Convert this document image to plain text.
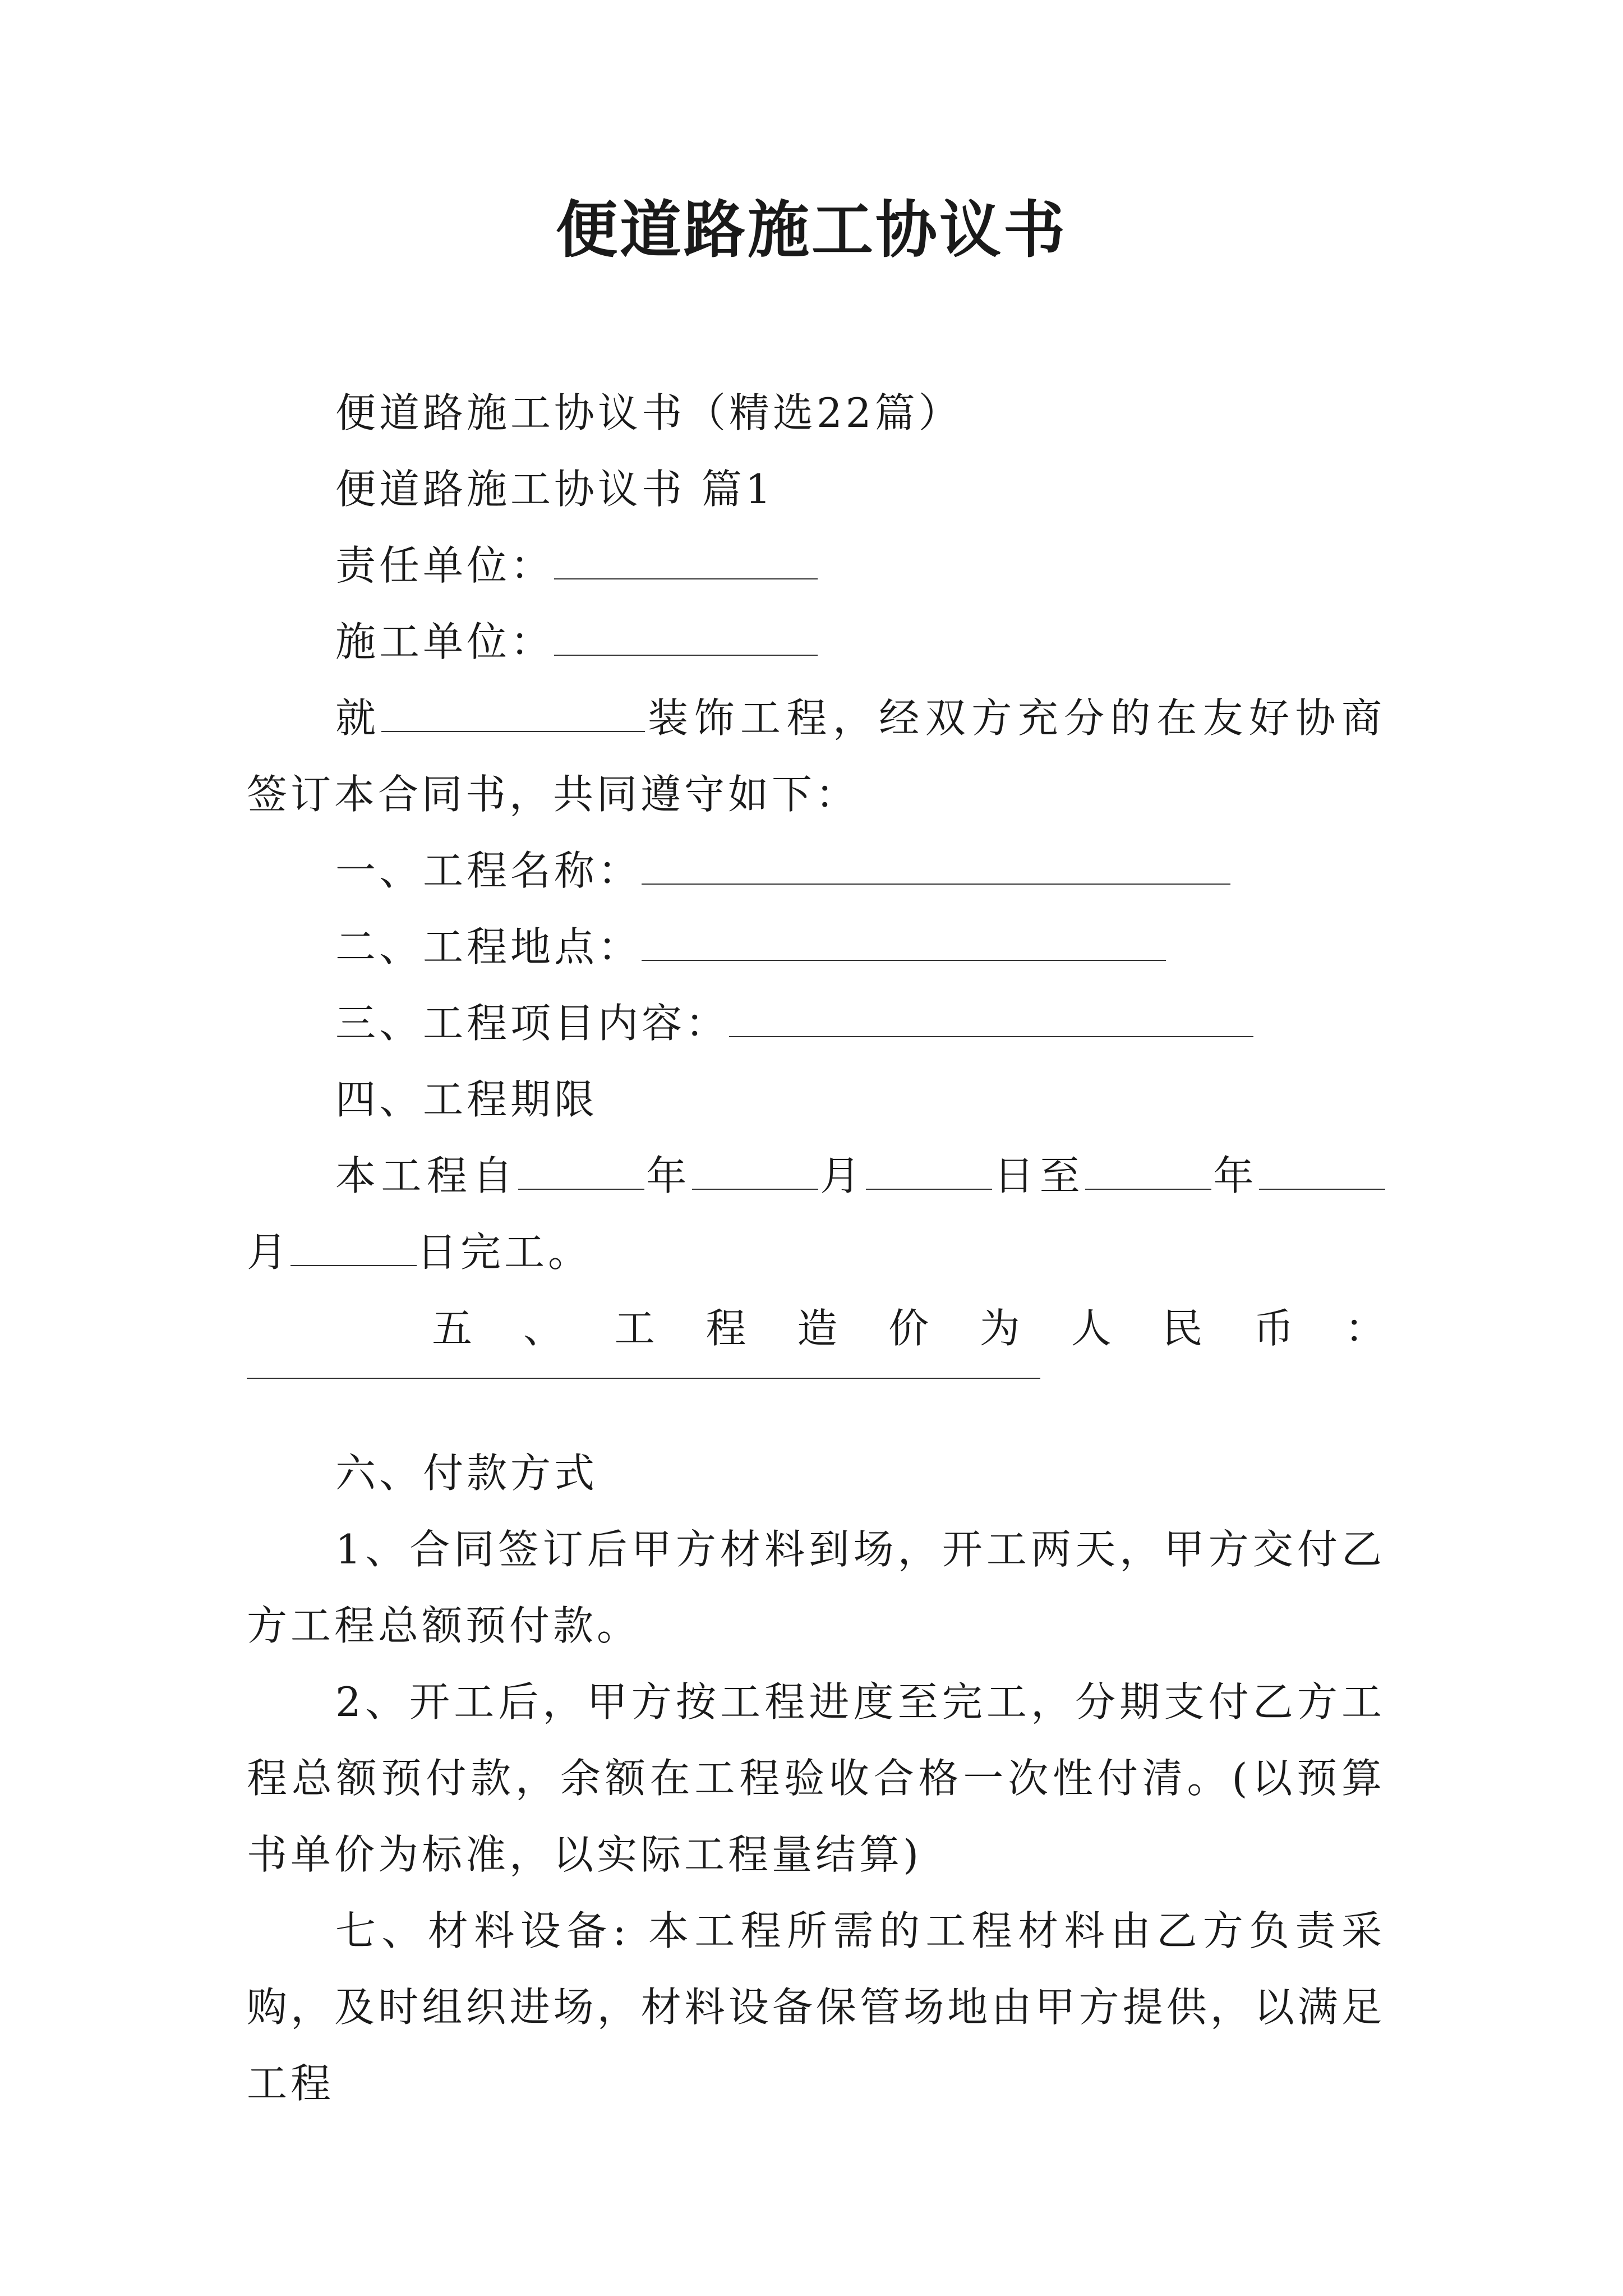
便道路施工协议书

便道路施工协议书（精选22篇）

便道路施工协议书 篇1

责任单位：

施工单位：

就	装饰工程，经双方充分的在友好协商签订本合同书，共同遵守如下：

一、工程名称：

二、工程地点：

三、工程项目内容：

四、工程期限

本工程自	年	月	日至	年月	日完工。

五 、 工 程 造 价 为 人 民 币 ：

六、付款方式

1、合同签订后甲方材料到场，开工两天，甲方交付乙方工程总额预付款。

2、开工后，甲方按工程进度至完工，分期支付乙方工程总额预付款，余额在工程验收合格一次性付清。(以预算书单价为标准，以实际工程量结算)

七、材料设备: 本工程所需的工程材料由乙方负责采购，及时组织进场，材料设备保管场地由甲方提供，以满足工程
